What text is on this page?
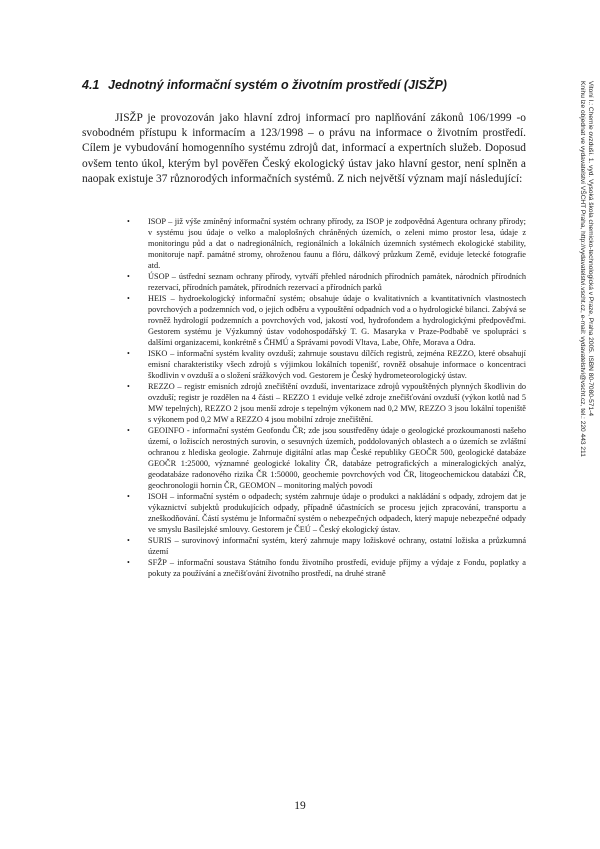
4.1 Jednotný informační systém o životním prostředí (JISŽP)

JISŽP je provozován jako hlavní zdroj informací pro naplňování zákonů 106/1999 -o svobodném přístupu k informacím a 123/1998 – o právu na informace o životním prostředí. Cílem je vybudování homogenního systému zdrojů dat, informací a expertních služeb. Doposud ovšem tento úkol, kterým byl pověřen Český ekologický ústav jako hlavní gestor, není splněn a naopak existuje 37 různorodých informačních systémů. Z nich největší význam mají následující:

• ISOP – již výše zmíněný informační systém ochrany přírody, za ISOP je zodpovědná Agentura ochrany přírody; v systému jsou údaje o velko a maloplošných chráněných územích, o zeleni mimo prostor lesa, údaje z monitoringu půd a dat o nadregionálních, regionálních a lokálních územních systémech ekologické stability, monitoruje např. památné stromy, ohroženou faunu a flóru, dálkový průzkum Země, eviduje letecké fotografie atd.
• ÚSOP – ústřední seznam ochrany přírody, vytváří přehled národních přírodních památek, národních přírodních rezervací, přírodních památek, přírodních rezervací a přírodních parků
• HEIS – hydroekologický informační systém; obsahuje údaje o kvalitativních a kvantitativních vlastnostech povrchových a podzemních vod, o jejich odběru a vypouštění odpadních vod a o hydrologické bilanci. Zabývá se rovněž hydrologií podzemních a povrchových vod, jakostí vod, hydrofondem a hydrologickými předpověďmi. Gestorem systému je Výzkumný ústav vodohospodářský T. G. Masaryka v Praze-Podbabě ve spolupráci s dalšími organizacemi, konkrétně s ČHMÚ a Správami povodí Vltava, Labe, Ohře, Morava a Odra.
• ISKO – informační systém kvality ovzduší; zahrnuje soustavu dílčích registrů, zejména REZZO, které obsahují emisní charakteristiky všech zdrojů s výjimkou lokálních topenišť, rovněž obsahuje informace o koncentraci škodlivin v ovzduší a o složení srážkových vod. Gestorem je Český hydrometeorologický ústav.
• REZZO – registr emisních zdrojů znečištění ovzduší, inventarizace zdrojů vypouštěných plynných škodlivin do ovzduší; registr je rozdělen na 4 části – REZZO 1 eviduje velké zdroje znečišťování ovzduší (výkon kotlů nad 5 MW tepelných), REZZO 2 jsou menší zdroje s tepelným výkonem nad 0,2 MW, REZZO 3 jsou lokální topeniště s výkonem pod 0,2 MW a REZZO 4 jsou mobilní zdroje znečištění.
• GEOINFO - informační systém Geofondu ČR; zde jsou soustředěny údaje o geologické prozkoumanosti našeho území, o ložiscích nerostných surovin, o sesuvných územích, poddolovaných oblastech a o územích se zvláštní ochranou z hlediska geologie. Zahrnuje digitální atlas map České republiky GEOČR 500, geologické databáze GEOČR 1:25000, významné geologické lokality ČR, databáze petrografických a mineralogických analýz, geodatabáze radonového rizika ČR 1:50000, geochemie povrchových vod ČR, litogeochemickou databázi ČR, geochronologii hornin ČR, GEOMON – monitoring malých povodí
• ISOH – informační systém o odpadech; systém zahrnuje údaje o produkci a nakládání s odpady, zdrojem dat je výkaznictví subjektů produkujících odpady, případně účastnících se procesu jejich zpracování, transportu a zneškodňování. Částí systému je Informační systém o nebezpečných odpadech, který mapuje nebezpečné odpady ve smyslu Basilejské smlouvy. Gestorem je ČEÚ – Český ekologický ústav.
• SURIS – surovinový informační systém, který zahrnuje mapy ložiskové ochrany, ostatní ložiska a průzkumná území
• SFŽP – informační soustava Státního fondu životního prostředí, eviduje příjmy a výdaje z Fondu, poplatky a pokuty za používání a znečišťování životního prostředí, na druhé straně
19
Vitoní I.: Chemie ovzduší. 1. vyd. Vysoká škola chemicko-technologická v Praze, Praha 2005. ISBN 80-7080-571-4
Knihu lze objednat ve vydavatelství VŠCHT Praha, http://vydavatelstvi.vscht.cz, e-mail: vydavatelstvi@vscht.cz, tel.: 220 443 211
